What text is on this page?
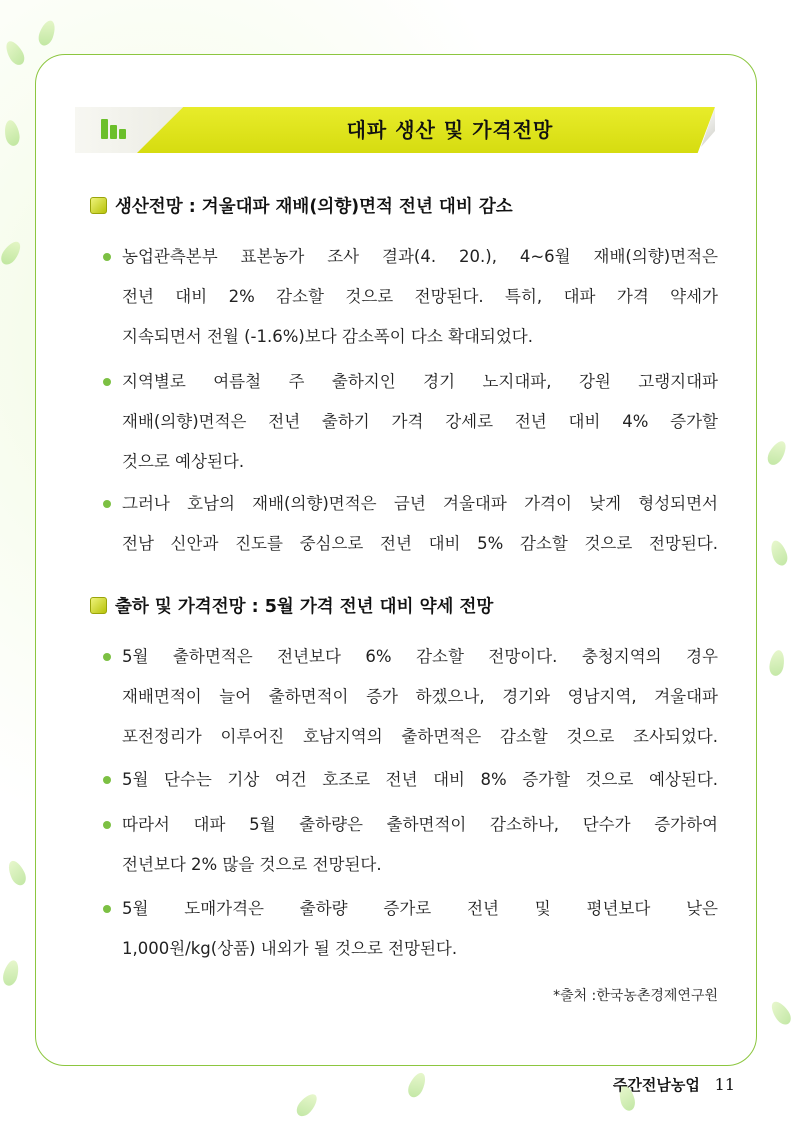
대파 생산 및 가격전망
생산전망 : 겨울대파 재배(의향)면적 전년 대비 감소
농업관측본부 표본농가 조사 결과(4. 20.), 4~6월 재배(의향)면적은
전년 대비 2% 감소할 것으로 전망된다. 특히, 대파 가격 약세가
지속되면서 전월 (-1.6%)보다 감소폭이 다소 확대되었다.
지역별로 여름철 주 출하지인 경기 노지대파, 강원 고랭지대파
재배(의향)면적은 전년 출하기 가격 강세로 전년 대비 4% 증가할
것으로 예상된다.
그러나 호남의 재배(의향)면적은 금년 겨울대파 가격이 낮게 형성되면서
전남 신안과 진도를 중심으로 전년 대비 5% 감소할 것으로 전망된다.
출하 및 가격전망 : 5월 가격 전년 대비 약세 전망
5월 출하면적은 전년보다 6% 감소할 전망이다. 충청지역의 경우
재배면적이 늘어 출하면적이 증가 하겠으나, 경기와 영남지역, 겨울대파
포전정리가 이루어진 호남지역의 출하면적은 감소할 것으로 조사되었다.
5월 단수는 기상 여건 호조로 전년 대비 8% 증가할 것으로 예상된다.
따라서 대파 5월 출하량은 출하면적이 감소하나, 단수가 증가하여
전년보다 2% 많을 것으로 전망된다.
5월 도매가격은 출하량 증가로 전년 및 평년보다 낮은
1,000원/kg(상품) 내외가 될 것으로 전망된다.
*출처 :한국농촌경제연구원
주간전남농업 11
